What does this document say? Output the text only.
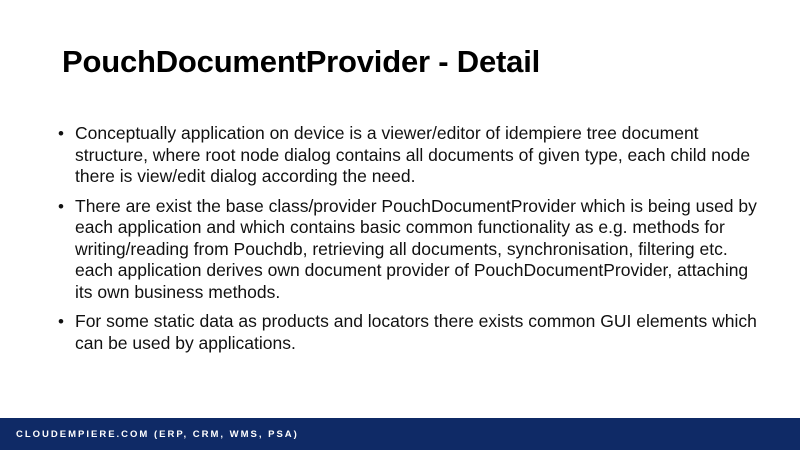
PouchDocumentProvider - Detail
• Conceptually application on device is a viewer/editor of idempiere tree document structure, where root node dialog contains all documents of given type, each child node there is view/edit dialog according the need.
• There are exist the base class/provider PouchDocumentProvider which is being used by each application and which contains basic common functionality as e.g. methods for writing/reading from Pouchdb, retrieving all documents, synchronisation, filtering etc. each application derives own document provider of PouchDocumentProvider, attaching its own business methods.
• For some static data as products and locators there exists common GUI elements which can be used by applications.
CLOUDEMPIERE.COM (ERP, CRM, WMS, PSA)
